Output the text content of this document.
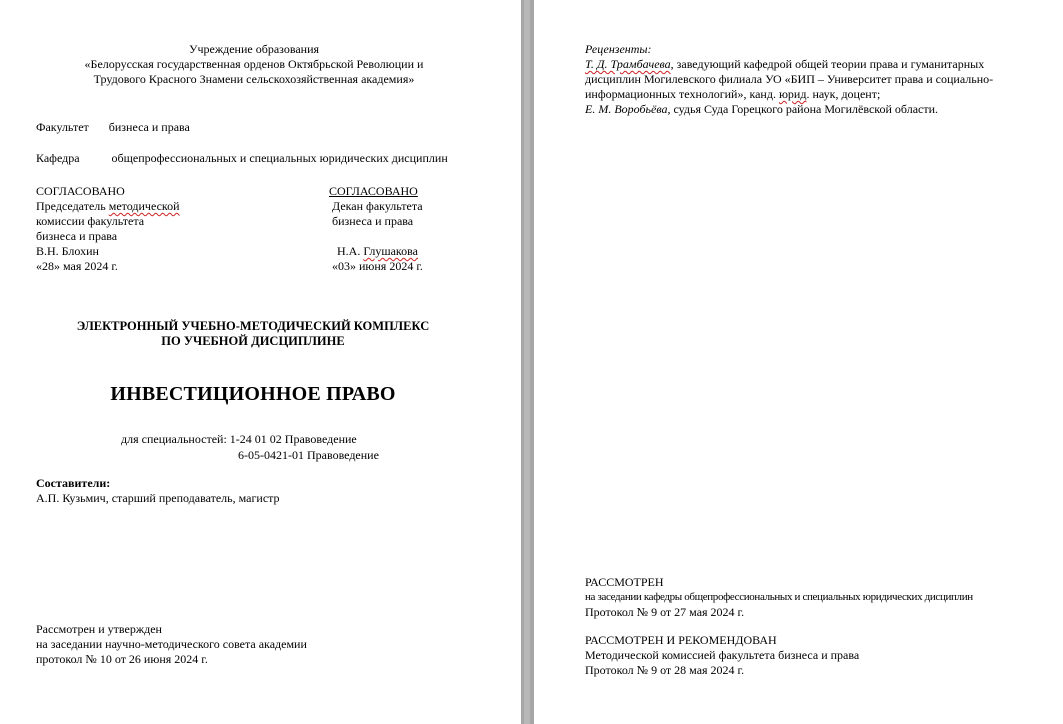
Учреждение образования
«Белорусская государственная орденов Октябрьской Революции и
Трудового Красного Знамени сельскохозяйственная академия»
Факультет бизнеса и права
Кафедра	общепрофессиональных и специальных юридических дисциплин
СОГЛАСОВАНО
Председатель методической
комиссии факультета
бизнеса и права
В.Н. Блохин
«28» мая 2024 г.
СОГЛАСОВАНО
Декан факультета
бизнеса и права
Н.А. Глушакова
«03» июня 2024 г.
ЭЛЕКТРОННЫЙ УЧЕБНО-МЕТОДИЧЕСКИЙ КОМПЛЕКС
ПО УЧЕБНОЙ ДИСЦИПЛИНЕ
ИНВЕСТИЦИОННОЕ ПРАВО
для специальностей: 1-24 01 02 Правоведение
6-05-0421-01 Правоведение
Составители:
А.П. Кузьмич, старший преподаватель, магистр
Рассмотрен и утвержден
на заседании научно-методического совета академии
протокол № 10 от 26 июня 2024 г.
Рецензенты:
Т. Д. Трамбачева, заведующий кафедрой общей теории права и гуманитарных
дисциплин Могилевского филиала УО «БИП – Университет права и социально-
информационных технологий», канд. юрид. наук, доцент;
Е. М. Воробьёва, судья Суда Горецкого района Могилёвской области.
РАССМОТРЕН
на заседании кафедры общепрофессиональных и специальных юридических дисциплин
Протокол № 9 от 27 мая 2024 г.
РАССМОТРЕН И РЕКОМЕНДОВАН
Методической комиссией факультета бизнеса и права
Протокол № 9 от 28 мая 2024 г.
